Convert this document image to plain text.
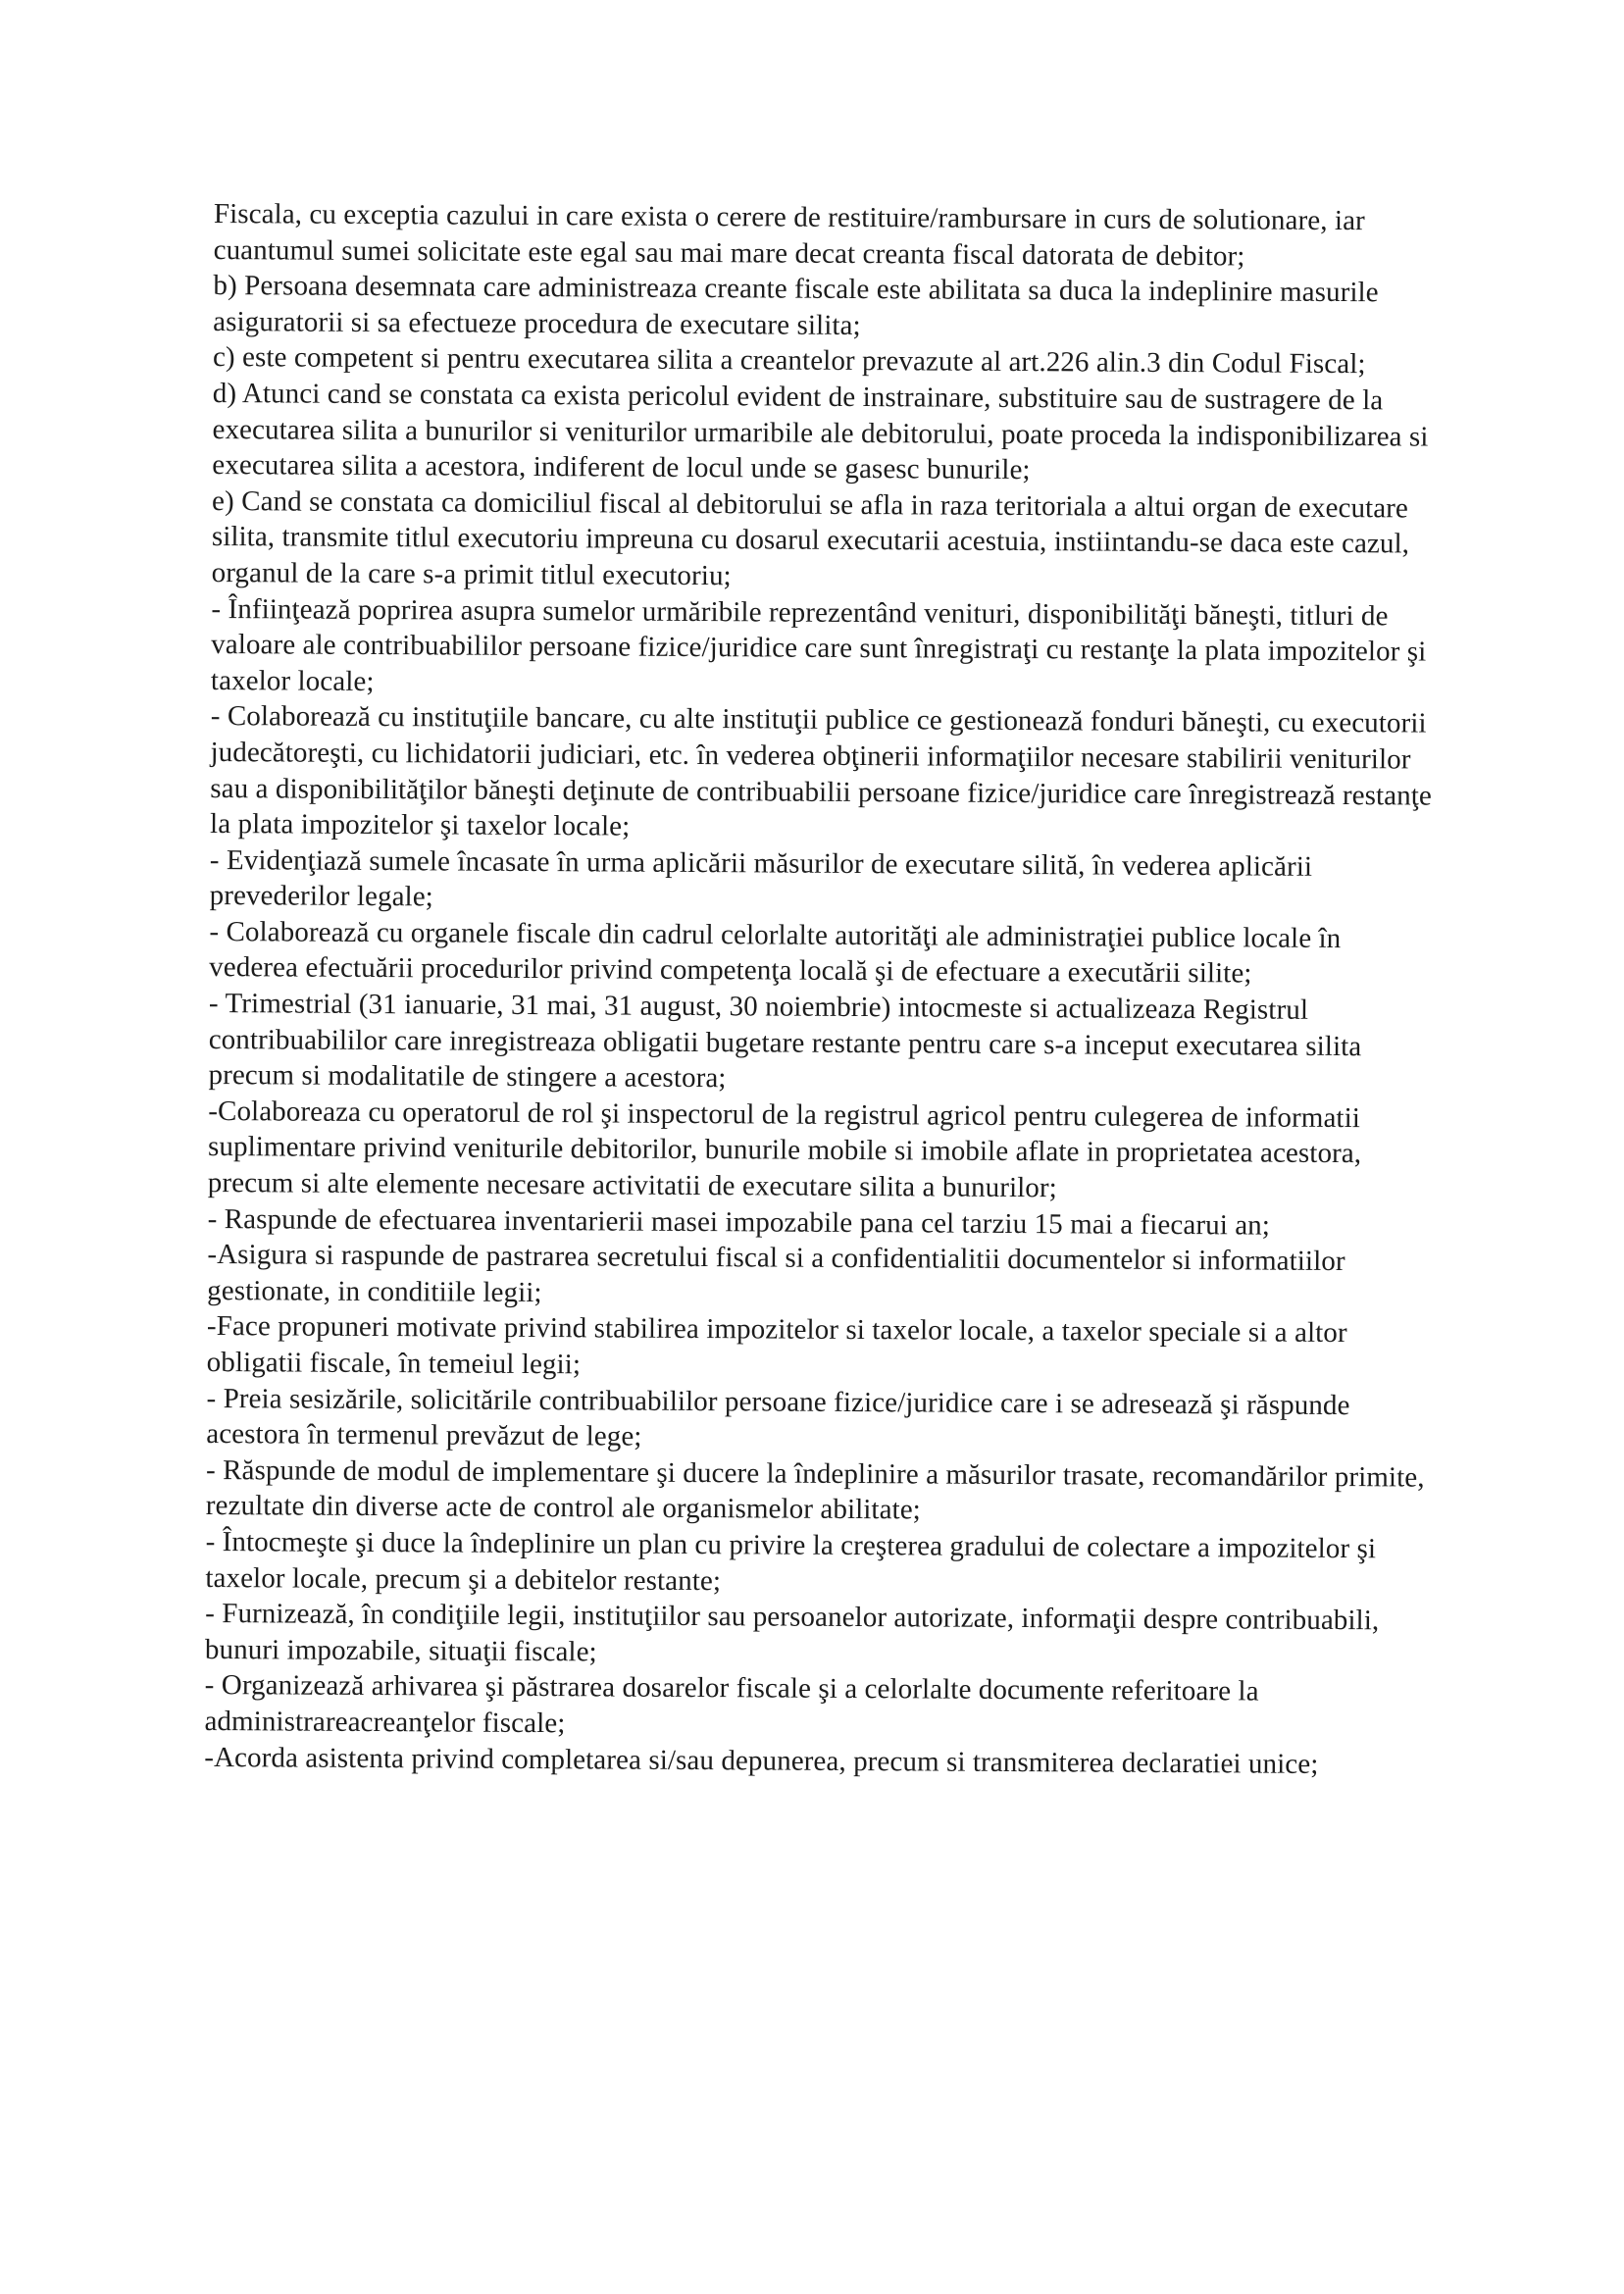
Fiscala, cu exceptia cazului in care exista o cerere de restituire/rambursare in curs de solutionare, iar cuantumul sumei solicitate este egal sau mai mare decat creanta fiscal datorata de debitor;

b) Persoana desemnata care administreaza creante fiscale este abilitata sa duca la indeplinire masurile asiguratorii si sa efectueze procedura de executare silita;

c) este competent si pentru executarea silita a creantelor prevazute al art.226 alin.3 din Codul Fiscal;

d) Atunci cand se constata ca exista pericolul evident de instrainare, substituire sau de sustragere de la executarea silita a bunurilor si veniturilor urmaribile ale debitorului, poate proceda la indisponibilizarea si executarea silita a acestora, indiferent de locul unde se gasesc bunurile;

e) Cand se constata ca domiciliul fiscal al debitorului se afla in raza teritoriala a altui organ de executare silita, transmite titlul executoriu impreuna cu dosarul executarii acestuia, instiintandu-se daca este cazul, organul de la care s-a primit titlul executoriu;

- Înfiinţează poprirea asupra sumelor urmăribile reprezentând venituri, disponibilităţi băneşti, titluri de valoare ale contribuabililor persoane fizice/juridice care sunt înregistraţi cu restanţe la plata impozitelor şi taxelor locale;

- Colaborează cu instituţiile bancare, cu alte instituţii publice ce gestionează fonduri băneşti, cu executorii judecătoreşti, cu lichidatorii judiciari, etc. în vederea obţinerii informaţiilor necesare stabilirii veniturilor sau a disponibilităţilor băneşti deţinute de contribuabilii persoane fizice/juridice care înregistrează restanţe la plata impozitelor şi taxelor locale;

- Evidenţiază sumele încasate în urma aplicării măsurilor de executare silită, în vederea aplicării prevederilor legale;

- Colaborează cu organele fiscale din cadrul celorlalte autorităţi ale administraţiei publice locale în vederea efectuării procedurilor privind competenţa locală şi de efectuare a executării silite;

- Trimestrial (31 ianuarie, 31 mai, 31 august, 30 noiembrie) intocmeste si actualizeaza Registrul contribuabililor care inregistreaza obligatii bugetare restante pentru care s-a inceput executarea silita precum si modalitatile de stingere a acestora;

-Colaboreaza cu operatorul de rol şi inspectorul de la registrul agricol pentru culegerea de informatii suplimentare privind veniturile debitorilor, bunurile mobile si imobile aflate in proprietatea acestora, precum si alte elemente necesare activitatii de executare silita a bunurilor;

- Raspunde de efectuarea inventarierii masei impozabile pana cel tarziu 15 mai a fiecarui an;

-Asigura si raspunde de pastrarea secretului fiscal si a confidentialitii documentelor si informatiilor gestionate, in conditiile legii;

-Face propuneri motivate privind stabilirea impozitelor si taxelor locale, a taxelor speciale si a altor obligatii fiscale, în temeiul legii;

- Preia sesizările, solicitările contribuabililor persoane fizice/juridice care i se adresează şi răspunde acestora în termenul prevăzut de lege;

- Răspunde de modul de implementare şi ducere la îndeplinire a măsurilor trasate, recomandărilor primite, rezultate din diverse acte de control ale organismelor abilitate;

- Întocmeşte şi duce la îndeplinire un plan cu privire la creşterea gradului de colectare a impozitelor şi taxelor locale, precum şi a debitelor restante;

- Furnizează, în condiţiile legii, instituţiilor sau persoanelor autorizate, informaţii despre contribuabili, bunuri impozabile, situaţii fiscale;

- Organizează arhivarea şi păstrarea dosarelor fiscale şi a celorlalte documente referitoare la administrareacreanţelor fiscale;

-Acorda asistenta privind completarea si/sau depunerea, precum si transmiterea declaratiei unice;
